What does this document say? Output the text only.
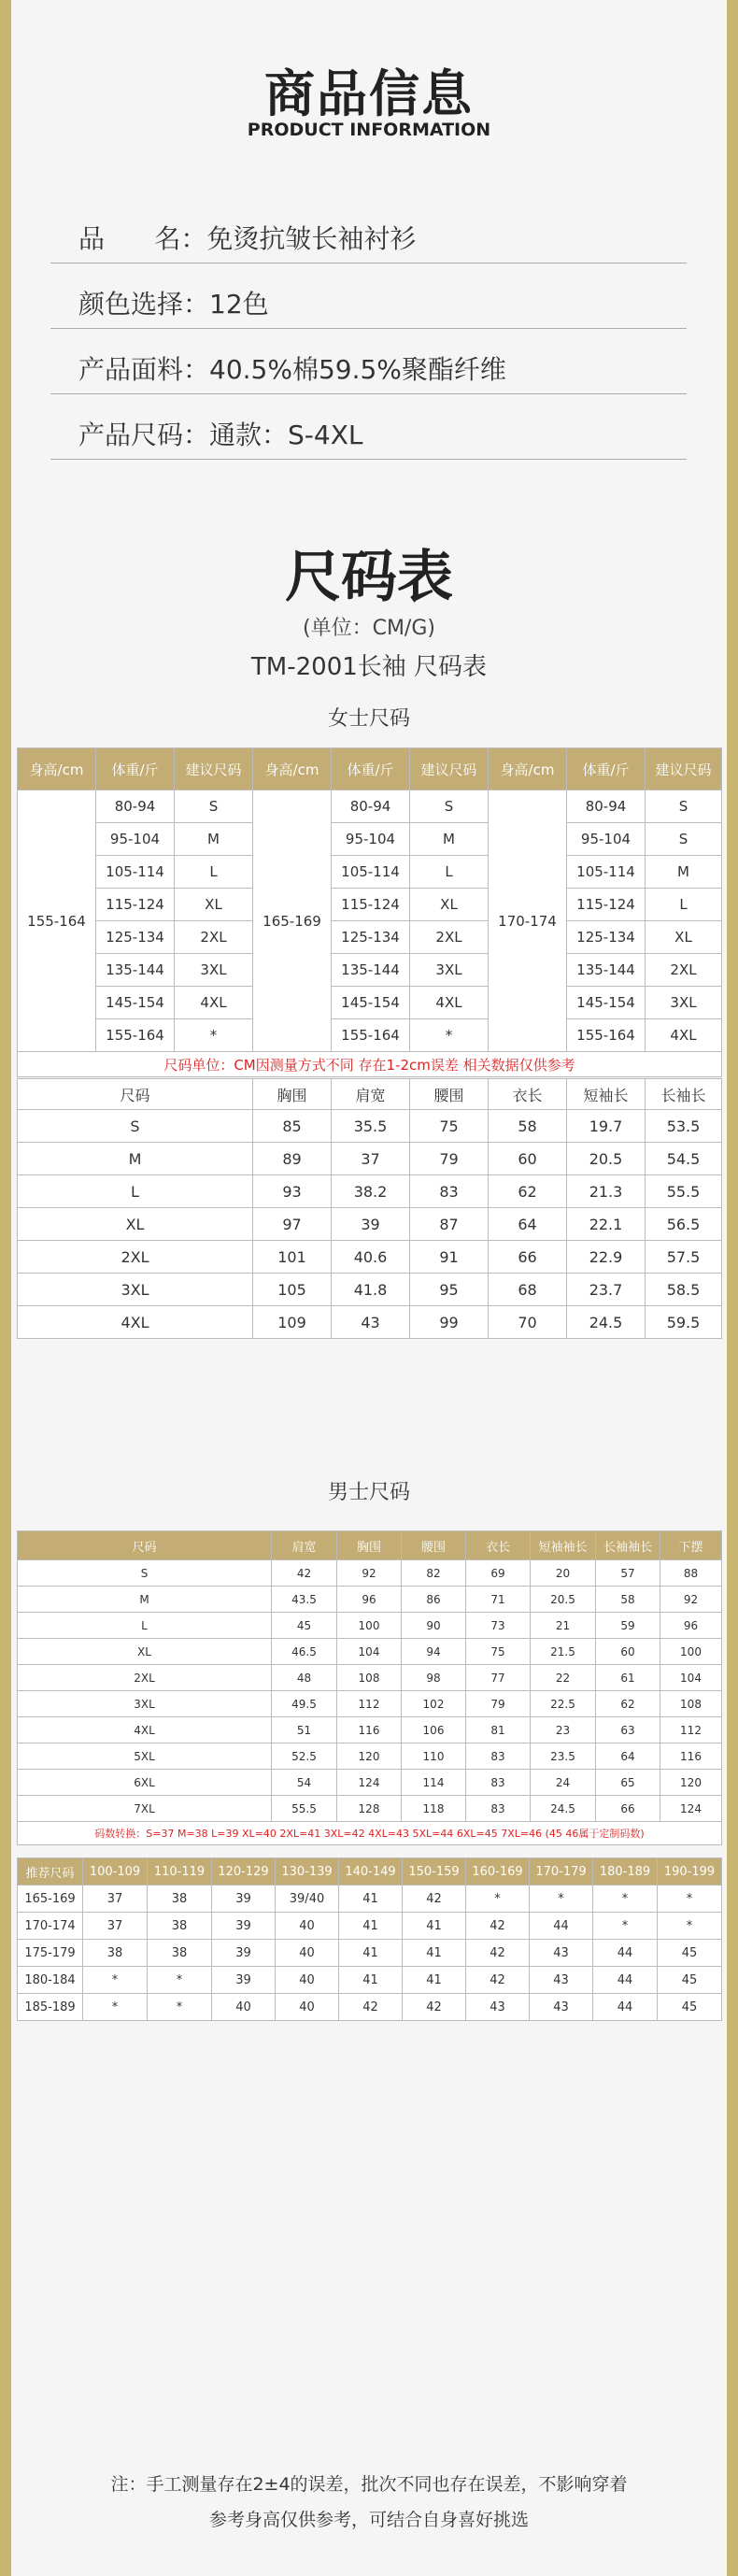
商品信息
PRODUCT INFORMATION
品      名：免烫抗皱长袖衬衫
颜色选择：12色
产品面料：40.5%棉59.5%聚酯纤维
产品尺码：通款：S-4XL
尺码表
(单位：CM/G)
TM-2001长袖 尺码表
女士尺码
身高/cm	体重/斤	建议尺码	身高/cm	体重/斤	建议尺码	身高/cm	体重/斤	建议尺码
155-164	80-94	S	165-169	80-94	S	170-174	80-94	S
	95-104	M		95-104	M		95-104	S
	105-114	L		105-114	L		105-114	M
	115-124	XL		115-124	XL		115-124	L
	125-134	2XL		125-134	2XL		125-134	XL
	135-144	3XL		135-144	3XL		135-144	2XL
	145-154	4XL		145-154	4XL		145-154	3XL
	155-164	*		155-164	*		155-164	4XL
尺码单位：CM因测量方式不同 存在1-2cm误差 相关数据仅供参考								
尺码	胸围	肩宽	腰围	衣长	短袖长	长袖长
S	85	35.5	75	58	19.7	53.5
M	89	37	79	60	20.5	54.5
L	93	38.2	83	62	21.3	55.5
XL	97	39	87	64	22.1	56.5
2XL	101	40.6	91	66	22.9	57.5
3XL	105	41.8	95	68	23.7	58.5
4XL	109	43	99	70	24.5	59.5
男士尺码
尺码	肩宽	胸围	腰围	衣长	短袖袖长	长袖袖长	下摆
S	42	92	82	69	20	57	88
M	43.5	96	86	71	20.5	58	92
L	45	100	90	73	21	59	96
XL	46.5	104	94	75	21.5	60	100
2XL	48	108	98	77	22	61	104
3XL	49.5	112	102	79	22.5	62	108
4XL	51	116	106	81	23	63	112
5XL	52.5	120	110	83	23.5	64	116
6XL	54	124	114	83	24	65	120
7XL	55.5	128	118	83	24.5	66	124
码数转换：S=37 M=38 L=39 XL=40 2XL=41 3XL=42 4XL=43 5XL=44 6XL=45 7XL=46 (45 46属于定制码数)							
推荐尺码	100-109	110-119	120-129	130-139	140-149	150-159	160-169	170-179	180-189	190-199
165-169	37	38	39	39/40	41	42	*	*	*	*
170-174	37	38	39	40	41	41	42	44	*	*
175-179	38	38	39	40	41	41	42	43	44	45
180-184	*	*	39	40	41	41	42	43	44	45
185-189	*	*	40	40	42	42	43	43	44	45
注：手工测量存在2±4的误差，批次不同也存在误差，不影响穿着
参考身高仅供参考，可结合自身喜好挑选
